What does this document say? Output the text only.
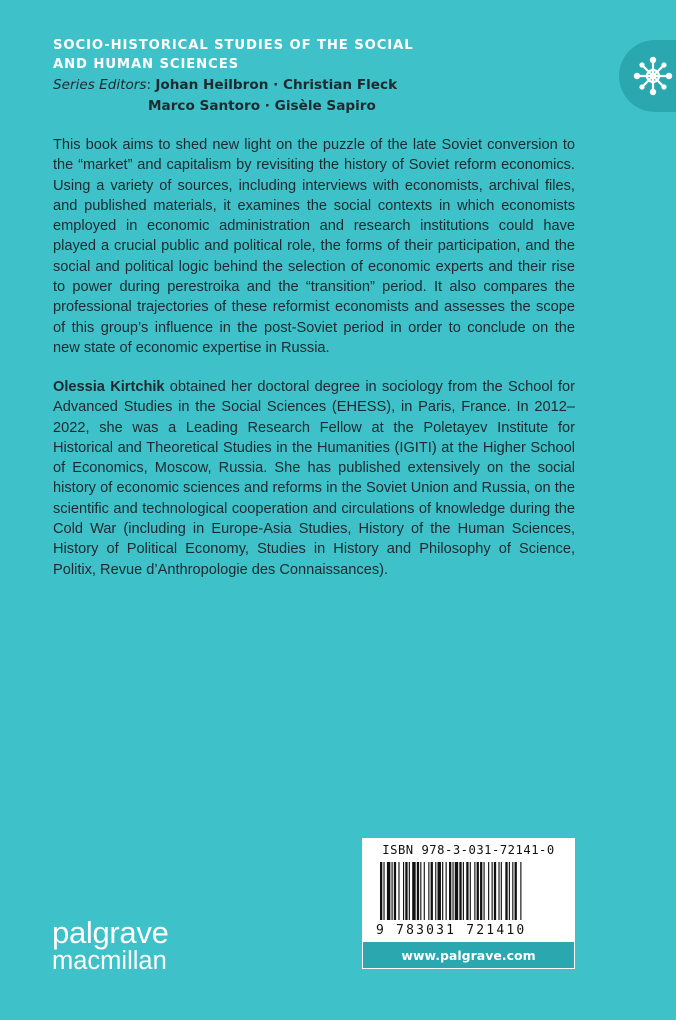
SOCIO-HISTORICAL STUDIES OF THE SOCIAL

AND HUMAN SCIENCES

Series Editors: Johan Heilbron · Christian Fleck
Marco Santoro · Gisèle Sapiro

This book aims to shed new light on the puzzle of the late Soviet conversion to the “market” and capitalism by revisiting the history of Soviet reform economics. Using a variety of sources, including interviews with economists, archival files, and published materials, it examines the social contexts in which economists employed in economic administration and research institutions could have played a crucial public and political role, the forms of their participation, and the social and political logic behind the selection of economic experts and their rise to power during perestroika and the “transition” period. It also compares the professional trajectories of these reformist economists and assesses the scope of this group’s influence in the post-Soviet period in order to conclude on the new state of economic expertise in Russia.

Olessia Kirtchik obtained her doctoral degree in sociology from the School for Advanced Studies in the Social Sciences (EHESS), in Paris, France. In 2012–2022, she was a Leading Research Fellow at the Poletayev Institute for Historical and Theoretical Studies in the Humanities (IGITI) at the Higher School of Economics, Moscow, Russia. She has published extensively on the social history of economic sciences and reforms in the Soviet Union and Russia, on the scientific and technological cooperation and circulations of knowledge during the Cold War (including in Europe-Asia Studies, History of the Human Sciences, History of Political Economy, Studies in History and Philosophy of Science, Politix, Revue d’Anthropologie des Connaissances).

palgrave
macmillan
ISBN 978-3-031-72141-0
9 783031 721410
www.palgrave.com
